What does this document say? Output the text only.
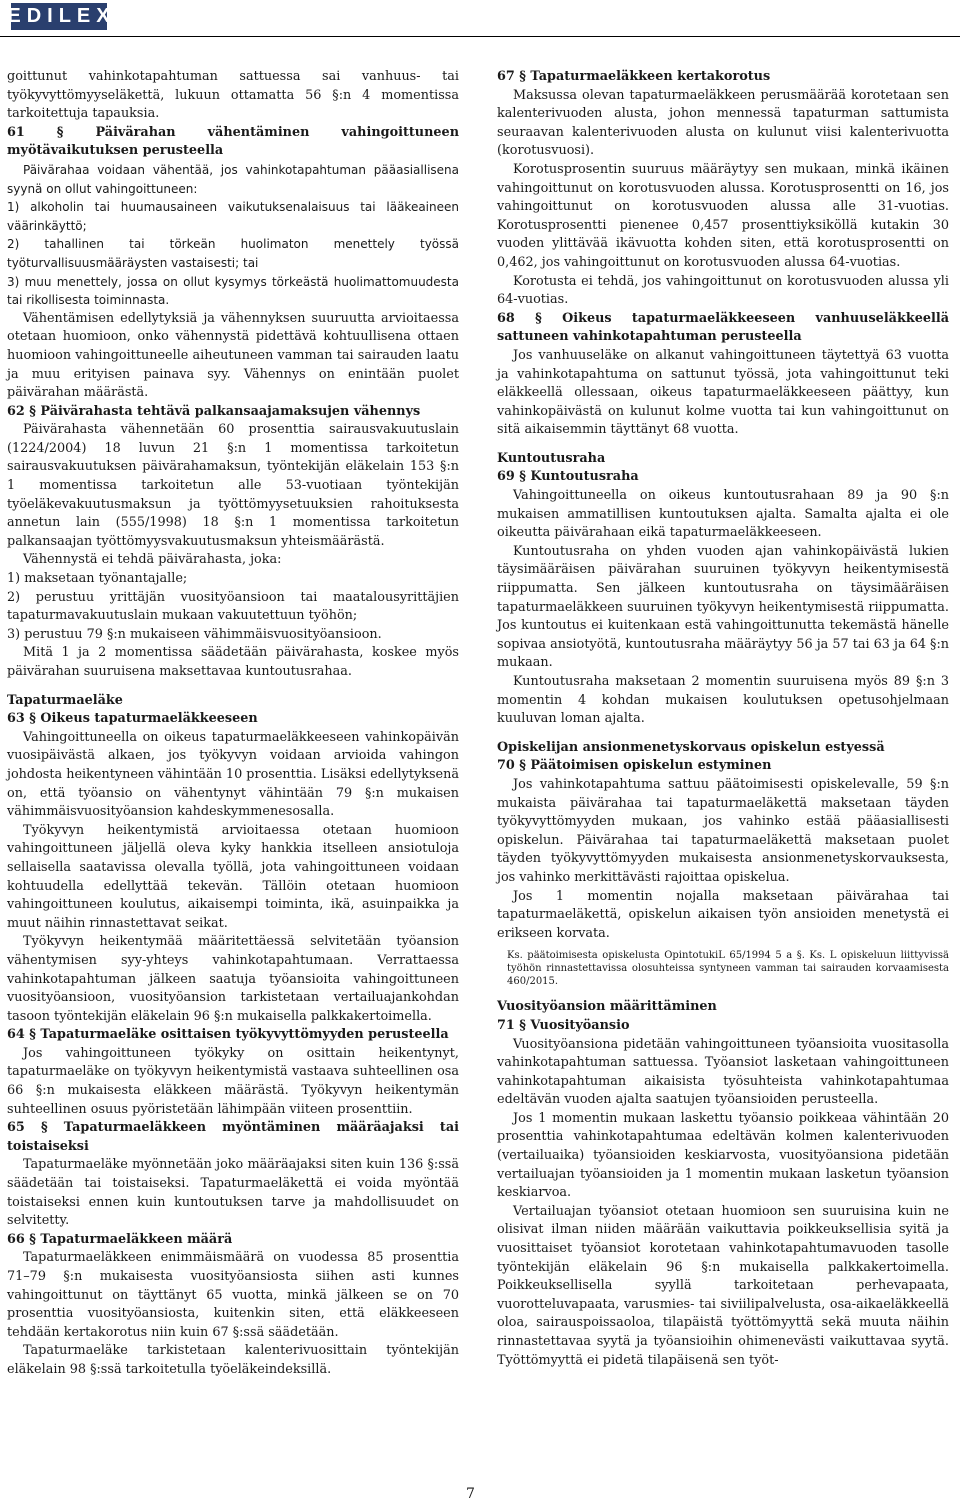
EDILEX

goittunut vahinkotapahtuman sattuessa sai vanhuus- tai työkyvyttömyyseläkettä, lukuun ottamatta 56 §:n 4 momentissa tarkoitettuja tapauksia.

61 § Päivärahan vähentäminen vahingoittuneen myötävaikutuksen perusteella

Päivärahaa voidaan vähentää, jos vahinkotapahtuman pääasiallisena syynä on ollut vahingoittuneen:

1) alkoholin tai huumausaineen vaikutuksenalaisuus tai lääkeaineen väärinkäyttö;

2) tahallinen tai törkeän huolimaton menettely työssä työturvallisuusmääräysten vastaisesti; tai

3) muu menettely, jossa on ollut kysymys törkeästä huolimattomuudesta tai rikollisesta toiminnasta.

Vähentämisen edellytyksiä ja vähennyksen suuruutta arvioitaessa otetaan huomioon, onko vähennystä pidettävä kohtuullisena ottaen huomioon vahingoittuneelle aiheutuneen vamman tai sairauden laatu ja muu erityisen painava syy. Vähennys on enintään puolet päivärahan määrästä.

62 § Päivärahasta tehtävä palkansaajamaksujen vähennys

Päivärahasta vähennetään 60 prosenttia sairausvakuutuslain (1224/2004) 18 luvun 21 §:n 1 momentissa tarkoitetun sairausvakuutuksen päivärahamaksun, työntekijän eläkelain 153 §:n 1 momentissa tarkoitetun alle 53-vuotiaan työntekijän työeläkevakuutusmaksun ja työttömyysetuuksien rahoituksesta annetun lain (555/1998) 18 §:n 1 momentissa tarkoitetun palkansaajan työttömyysvakuutusmaksun yhteismäärästä.

Vähennystä ei tehdä päivärahasta, joka:

1) maksetaan työnantajalle;

2) perustuu yrittäjän vuosityöansioon tai maatalousyrittäjien tapaturmavakuutuslain mukaan vakuutettuun työhön;

3) perustuu 79 §:n mukaiseen vähimmäisvuosityöansioon.

Mitä 1 ja 2 momentissa säädetään päivärahasta, koskee myös päivärahan suuruisena maksettavaa kuntoutusrahaa.

Tapaturmaeläke

63 § Oikeus tapaturmaeläkkeeseen

Vahingoittuneella on oikeus tapaturmaeläkkeeseen vahinkopäivän vuosipäivästä alkaen, jos työkyvyn voidaan arvioida vahingon johdosta heikentyneen vähintään 10 prosenttia. Lisäksi edellytyksenä on, että työansio on vähentynyt vähintään 79 §:n mukaisen vähimmäisvuosityöansion kahdeskymmenesosalla.

Työkyvyn heikentymistä arvioitaessa otetaan huomioon vahingoittuneen jäljellä oleva kyky hankkia itselleen ansiotuloja sellaisella saatavissa olevalla työllä, jota vahingoittuneen voidaan kohtuudella edellyttää tekevän. Tällöin otetaan huomioon vahingoittuneen koulutus, aikaisempi toiminta, ikä, asuinpaikka ja muut näihin rinnastettavat seikat.

Työkyvyn heikentymää määritettäessä selvitetään työansion vähentymisen syy-yhteys vahinkotapahtumaan. Verrattaessa vahinkotapahtuman jälkeen saatuja työansioita vahingoittuneen vuosityöansioon, vuosityöansion tarkistetaan vertailuajankohdan tasoon työntekijän eläkelain 96 §:n mukaisella palkkakertoimella.

64 § Tapaturmaeläke osittaisen työkyvyttömyyden perusteella

Jos vahingoittuneen työkyky on osittain heikentynyt, tapaturmaeläke on työkyvyn heikentymistä vastaava suhteellinen osa 66 §:n mukaisesta eläkkeen määrästä. Työkyvyn heikentymän suhteellinen osuus pyöristetään lähimpään viiteen prosenttiin.

65 § Tapaturmaeläkkeen myöntäminen määräajaksi tai toistaiseksi

Tapaturmaeläke myönnetään joko määräajaksi siten kuin 136 §:ssä säädetään tai toistaiseksi. Tapaturmaeläkettä ei voida myöntää toistaiseksi ennen kuin kuntoutuksen tarve ja mahdollisuudet on selvitetty.

66 § Tapaturmaeläkkeen määrä

Tapaturmaeläkkeen enimmäismäärä on vuodessa 85 prosenttia 71–79 §:n mukaisesta vuosityöansiosta siihen asti kunnes vahingoittunut on täyttänyt 65 vuotta, minkä jälkeen se on 70 prosenttia vuosityöansiosta, kuitenkin siten, että eläkkeeseen tehdään kertakorotus niin kuin 67 §:ssä säädetään.

Tapaturmaeläke tarkistetaan kalenterivuosittain työntekijän eläkelain 98 §:ssä tarkoitetulla työeläkeindeksillä.

67 § Tapaturmaeläkkeen kertakorotus

Maksussa olevan tapaturmaeläkkeen perusmäärää korotetaan sen kalenterivuoden alusta, johon mennessä tapaturman sattumista seuraavan kalenterivuoden alusta on kulunut viisi kalenterivuotta (korotusvuosi).

Korotusprosentin suuruus määräytyy sen mukaan, minkä ikäinen vahingoittunut on korotusvuoden alussa. Korotusprosentti on 16, jos vahingoittunut on korotusvuoden alussa alle 31-vuotias. Korotusprosentti pienenee 0,457 prosenttiyksiköllä kutakin 30 vuoden ylittävää ikävuotta kohden siten, että korotusprosentti on 0,462, jos vahingoittunut on korotusvuoden alussa 64-vuotias.

Korotusta ei tehdä, jos vahingoittunut on korotusvuoden alussa yli 64-vuotias.

68 § Oikeus tapaturmaeläkkeeseen vanhuuseläkkeellä sattuneen vahinkotapahtuman perusteella

Jos vanhuuseläke on alkanut vahingoittuneen täytettyä 63 vuotta ja vahinkotapahtuma on sattunut työssä, jota vahingoittunut teki eläkkeellä ollessaan, oikeus tapaturmaeläkkeeseen päättyy, kun vahinkopäivästä on kulunut kolme vuotta tai kun vahingoittunut on sitä aikaisemmin täyttänyt 68 vuotta.

Kuntoutusraha

69 § Kuntoutusraha

Vahingoittuneella on oikeus kuntoutusrahaan 89 ja 90 §:n mukaisen ammatillisen kuntoutuksen ajalta. Samalta ajalta ei ole oikeutta päivärahaan eikä tapaturmaeläkkeeseen.

Kuntoutusraha on yhden vuoden ajan vahinkopäivästä lukien täysimääräisen päivärahan suuruinen työkyvyn heikentymisestä riippumatta. Sen jälkeen kuntoutusraha on täysimääräisen tapaturmaeläkkeen suuruinen työkyvyn heikentymisestä riippumatta. Jos kuntoutus ei kuitenkaan estä vahingoittunutta tekemästä hänelle sopivaa ansiotyötä, kuntoutusraha määräytyy 56 ja 57 tai 63 ja 64 §:n mukaan.

Kuntoutusraha maksetaan 2 momentin suuruisena myös 89 §:n 3 momentin 4 kohdan mukaisen koulutuksen opetusohjelmaan kuuluvan loman ajalta.

Opiskelijan ansionmenetyskorvaus opiskelun estyessä

70 § Päätoimisen opiskelun estyminen

Jos vahinkotapahtuma sattuu päätoimisesti opiskelevalle, 59 §:n mukaista päivärahaa tai tapaturmaeläkettä maksetaan täyden työkyvyttömyyden mukaan, jos vahinko estää pääasiallisesti opiskelun. Päivärahaa tai tapaturmaeläkettä maksetaan puolet täyden työkyvyttömyyden mukaisesta ansionmenetyskorvauksesta, jos vahinko merkittävästi rajoittaa opiskelua.

Jos 1 momentin nojalla maksetaan päivärahaa tai tapaturmaeläkettä, opiskelun aikaisen työn ansioiden menetystä ei erikseen korvata.

Ks. päätoimisesta opiskelusta OpintotukiL 65/1994 5 a §. Ks. L opiskeluun liittyvissä työhön rinnastettavissa olosuhteissa syntyneen vamman tai sairauden korvaamisesta 460/2015.

Vuosityöansion määrittäminen

71 § Vuosityöansio

Vuosityöansiona pidetään vahingoittuneen työansioita vuositasolla vahinkotapahtuman sattuessa. Työansiot lasketaan vahingoittuneen vahinkotapahtuman aikaisista työsuhteista vahinkotapahtumaa edeltävän vuoden ajalta saatujen työansioiden perusteella.

Jos 1 momentin mukaan laskettu työansio poikkeaa vähintään 20 prosenttia vahinkotapahtumaa edeltävän kolmen kalenterivuoden (vertailuaika) työansioiden keskiarvosta, vuosityöansiona pidetään vertailuajan työansioiden ja 1 momentin mukaan lasketun työansion keskiarvoa.

Vertailuajan työansiot otetaan huomioon sen suuruisina kuin ne olisivat ilman niiden määrään vaikuttavia poikkeuksellisia syitä ja vuosittaiset työansiot korotetaan vahinkotapahtumavuoden tasolle työntekijän eläkelain 96 §:n mukaisella palkkakertoimella. Poikkeuksellisella syyllä tarkoitetaan perhevapaata, vuorotteluvapaata, varusmies- tai siviilipalvelusta, osa-aikaeläkkeellä oloa, sairauspoissaoloa, tilapäistä työttömyyttä sekä muuta näihin rinnastettavaa syytä ja työansioihin ohimenevästi vaikuttavaa syytä. Työttömyyttä ei pidetä tilapäisenä sen työt-

7
